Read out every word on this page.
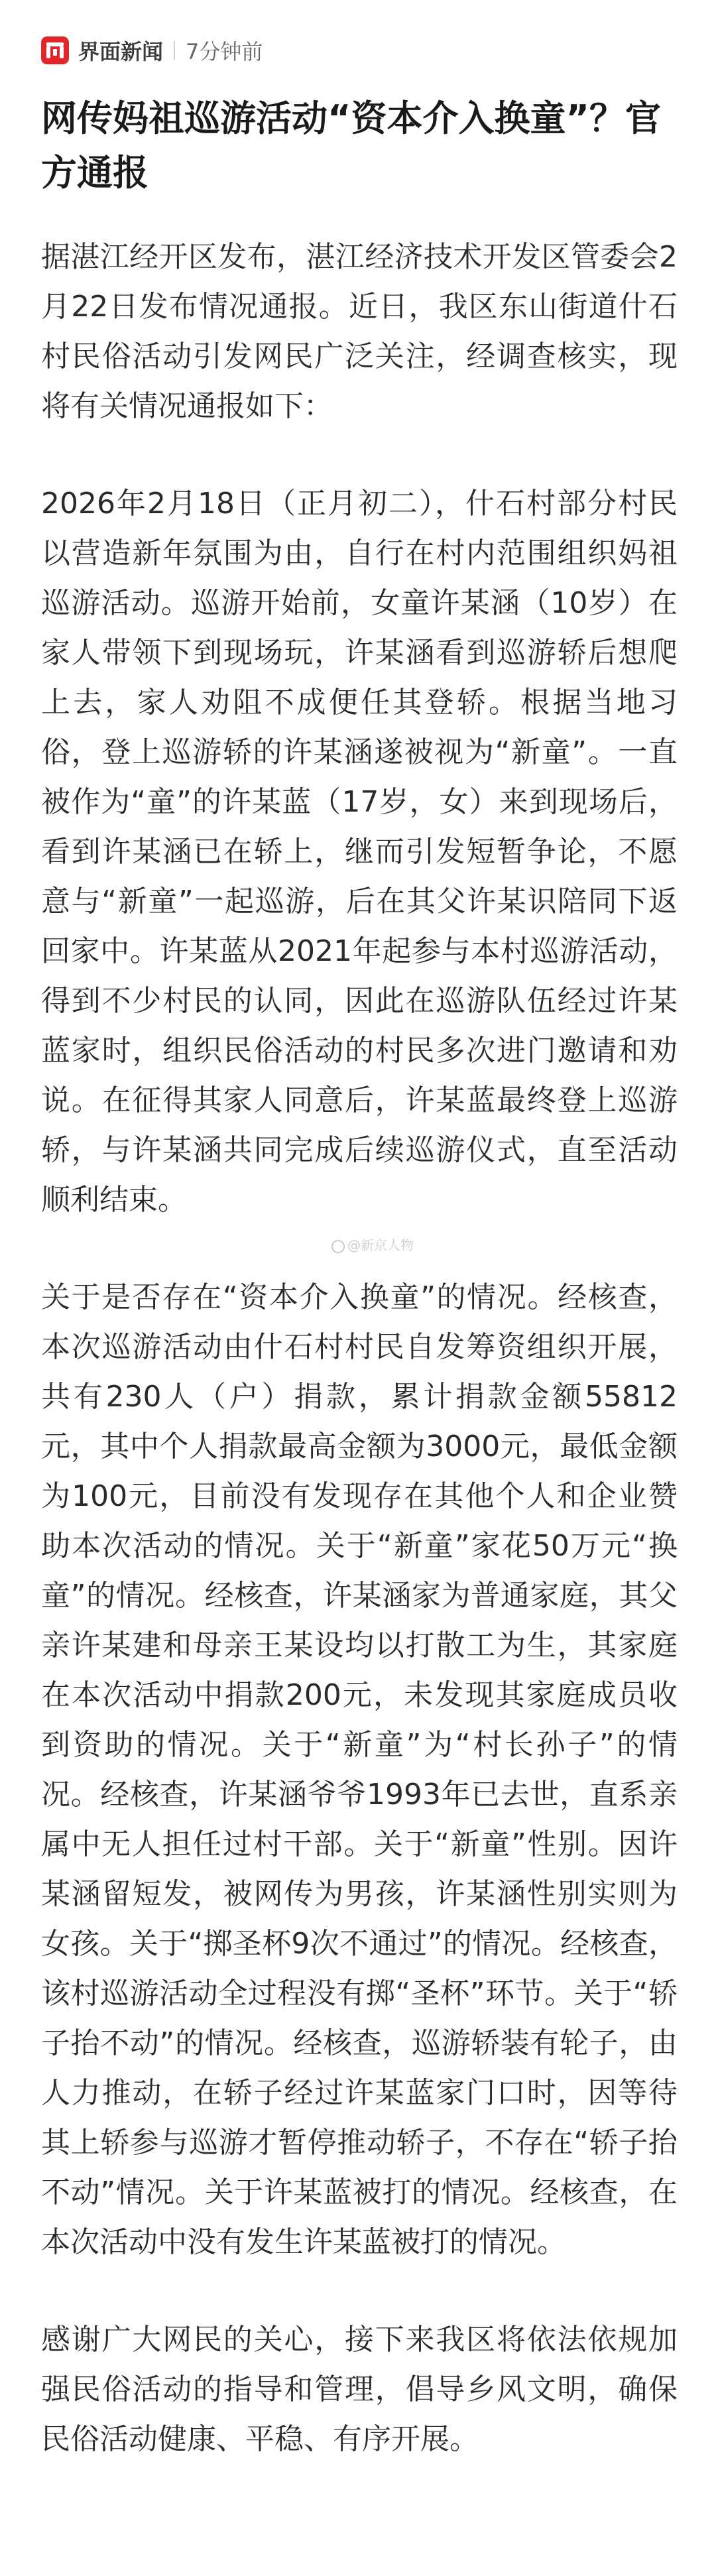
界面新闻 7分钟前
网传妈祖巡游活动“资本介入换童”？官方通报

据湛江经开区发布，湛江经济技术开发区管委会2月22日发布情况通报。近日，我区东山街道什石村民俗活动引发网民广泛关注，经调查核实，现将有关情况通报如下：

2026年2月18日（正月初二），什石村部分村民以营造新年氛围为由，自行在村内范围组织妈祖巡游活动。巡游开始前，女童许某涵（10岁）在家人带领下到现场玩，许某涵看到巡游轿后想爬上去，家人劝阻不成便任其登轿。根据当地习俗，登上巡游轿的许某涵遂被视为“新童”。一直被作为“童”的许某蓝（17岁，女）来到现场后，看到许某涵已在轿上，继而引发短暂争论，不愿意与“新童”一起巡游，后在其父许某识陪同下返回家中。许某蓝从2021年起参与本村巡游活动，得到不少村民的认同，因此在巡游队伍经过许某蓝家时，组织民俗活动的村民多次进门邀请和劝说。在征得其家人同意后，许某蓝最终登上巡游轿，与许某涵共同完成后续巡游仪式，直至活动顺利结束。

关于是否存在“资本介入换童”的情况。经核查，本次巡游活动由什石村村民自发筹资组织开展，共有230人（户）捐款，累计捐款金额55812元，其中个人捐款最高金额为3000元，最低金额为100元，目前没有发现存在其他个人和企业赞助本次活动的情况。关于“新童”家花50万元“换童”的情况。经核查，许某涵家为普通家庭，其父亲许某建和母亲王某设均以打散工为生，其家庭在本次活动中捐款200元，未发现其家庭成员收到资助的情况。关于“新童”为“村长孙子”的情况。经核查，许某涵爷爷1993年已去世，直系亲属中无人担任过村干部。关于“新童”性别。因许某涵留短发，被网传为男孩，许某涵性别实则为女孩。关于“掷圣杯9次不通过”的情况。经核查，该村巡游活动全过程没有掷“圣杯”环节。关于“轿子抬不动”的情况。经核查，巡游轿装有轮子，由人力推动，在轿子经过许某蓝家门口时，因等待其上轿参与巡游才暂停推动轿子，不存在“轿子抬不动”情况。关于许某蓝被打的情况。经核查，在本次活动中没有发生许某蓝被打的情况。

感谢广大网民的关心，接下来我区将依法依规加强民俗活动的指导和管理，倡导乡风文明，确保民俗活动健康、平稳、有序开展。

@新京人物
